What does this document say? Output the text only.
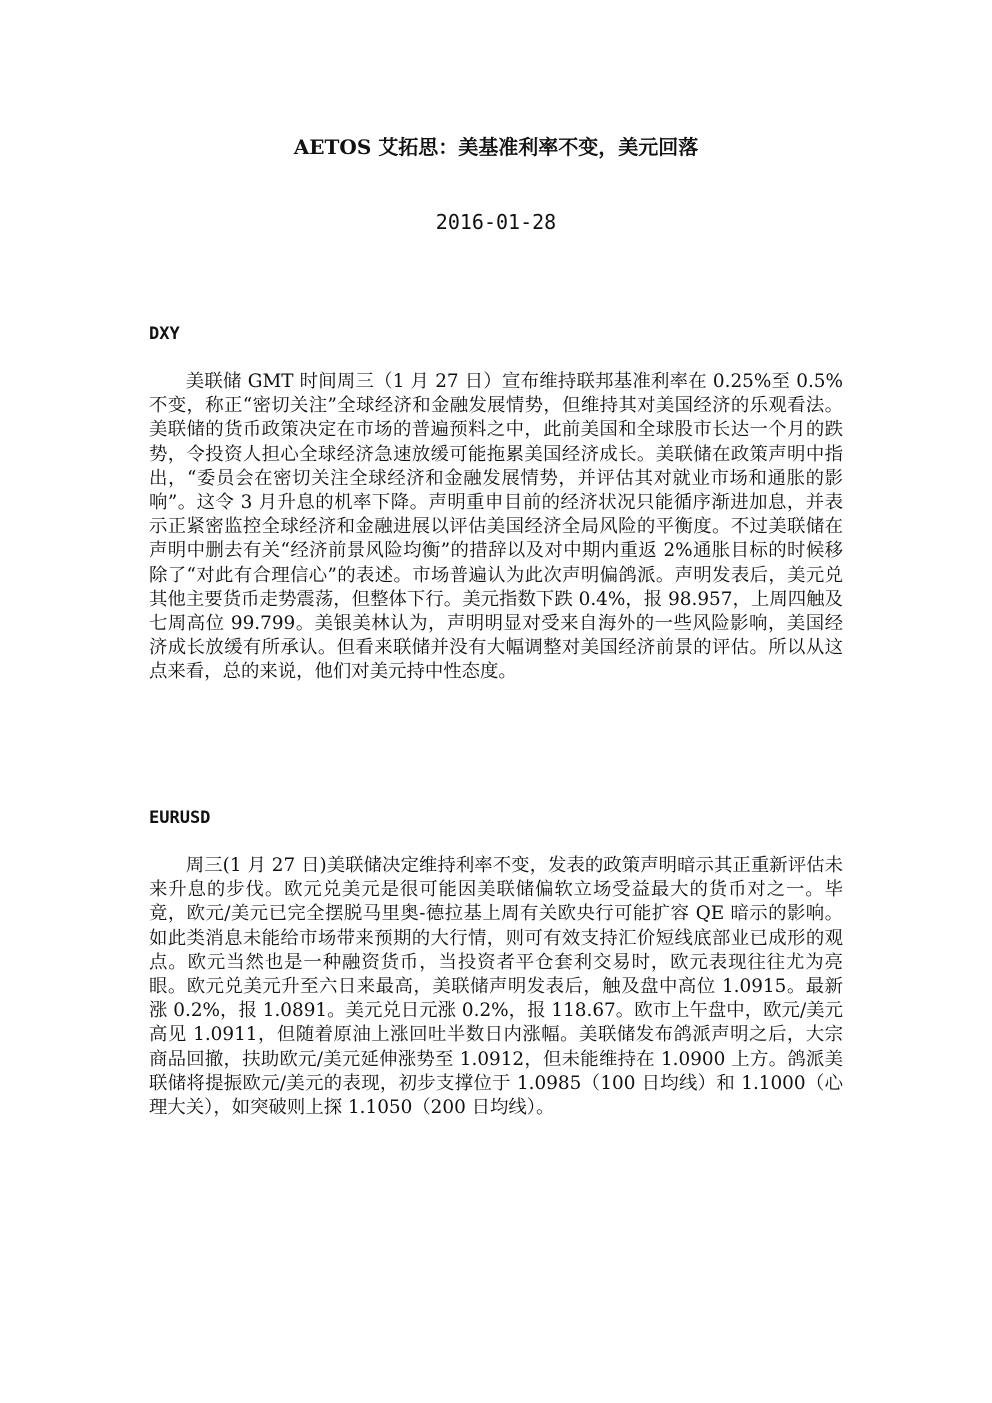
AETOS 艾拓思：美基准利率不变，美元回落
2016-01-28
DXY

美联储 GMT 时间周三（1 月 27 日）宣布维持联邦基准利率在 0.25%至 0.5%不变，称正“密切关注”全球经济和金融发展情势，但维持其对美国经济的乐观看法。美联储的货币政策决定在市场的普遍预料之中，此前美国和全球股市长达一个月的跌势，令投资人担心全球经济急速放缓可能拖累美国经济成长。美联储在政策声明中指出，“委员会在密切关注全球经济和金融发展情势，并评估其对就业市场和通胀的影响”。这令 3 月升息的机率下降。声明重申目前的经济状况只能循序渐进加息，并表示正紧密监控全球经济和金融进展以评估美国经济全局风险的平衡度。不过美联储在声明中删去有关“经济前景风险均衡”的措辞以及对中期内重返 2%通胀目标的时候移除了“对此有合理信心”的表述。市场普遍认为此次声明偏鸽派。声明发表后，美元兑其他主要货币走势震荡，但整体下行。美元指数下跌 0.4%，报 98.957，上周四触及七周高位 99.799。美银美林认为，声明明显对受来自海外的一些风险影响，美国经济成长放缓有所承认。但看来联储并没有大幅调整对美国经济前景的评估。所以从这点来看，总的来说，他们对美元持中性态度。

EURUSD

周三(1 月 27 日)美联储决定维持利率不变，发表的政策声明暗示其正重新评估未来升息的步伐。欧元兑美元是很可能因美联储偏软立场受益最大的货币对之一。毕竟，欧元/美元已完全摆脱马里奥-德拉基上周有关欧央行可能扩容 QE 暗示的影响。如此类消息未能给市场带来预期的大行情，则可有效支持汇价短线底部业已成形的观点。欧元当然也是一种融资货币，当投资者平仓套利交易时，欧元表现往往尤为亮眼。欧元兑美元升至六日来最高，美联储声明发表后，触及盘中高位 1.0915。最新涨 0.2%，报 1.0891。美元兑日元涨 0.2%，报 118.67。欧市上午盘中，欧元/美元高见 1.0911，但随着原油上涨回吐半数日内涨幅。美联储发布鸽派声明之后，大宗商品回撤，扶助欧元/美元延伸涨势至 1.0912，但未能维持在 1.0900 上方。鸽派美联储将提振欧元/美元的表现，初步支撑位于 1.0985（100 日均线）和 1.1000（心理大关），如突破则上探 1.1050（200 日均线）。
